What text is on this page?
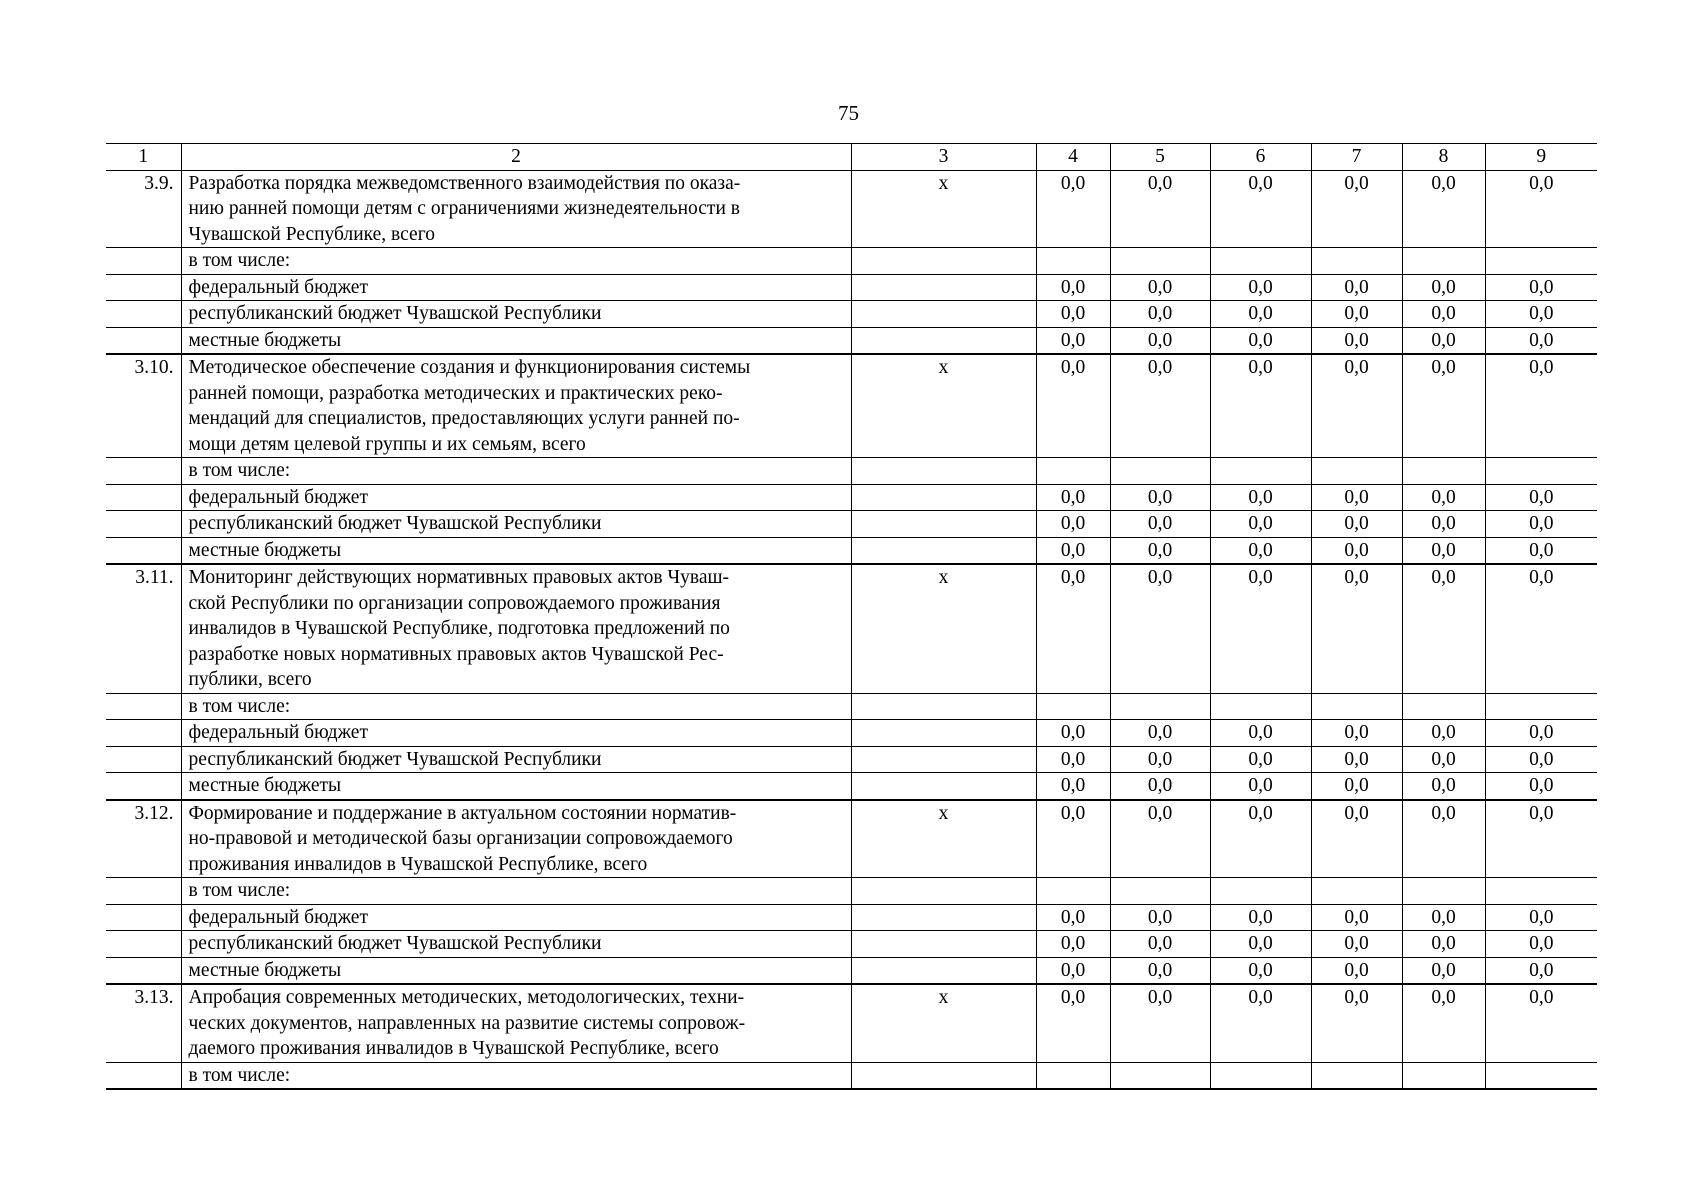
75
1	2	3	4	5	6	7	8	9
3.9.	Разработка порядка межведомственного взаимодействия по оказа-
нию ранней помощи детям с ограничениями жизнедеятельности в
Чувашской Республике, всего	х	0,0	0,0	0,0	0,0	0,0	0,0
	в том числе:							
	федеральный бюджет		0,0	0,0	0,0	0,0	0,0	0,0
	республиканский бюджет Чувашской Республики		0,0	0,0	0,0	0,0	0,0	0,0
	местные бюджеты		0,0	0,0	0,0	0,0	0,0	0,0
3.10.	Методическое обеспечение создания и функционирования системы
ранней помощи, разработка методических и практических реко-
мендаций для специалистов, предоставляющих услуги ранней по-
мощи детям целевой группы и их семьям, всего	х	0,0	0,0	0,0	0,0	0,0	0,0
	в том числе:							
	федеральный бюджет		0,0	0,0	0,0	0,0	0,0	0,0
	республиканский бюджет Чувашской Республики		0,0	0,0	0,0	0,0	0,0	0,0
	местные бюджеты		0,0	0,0	0,0	0,0	0,0	0,0
3.11.	Мониторинг действующих нормативных правовых актов Чуваш-
ской Республики по организации сопровождаемого проживания
инвалидов в Чувашской Республике, подготовка предложений по
разработке новых нормативных правовых актов Чувашской Рес-
публики, всего	х	0,0	0,0	0,0	0,0	0,0	0,0
	в том числе:							
	федеральный бюджет		0,0	0,0	0,0	0,0	0,0	0,0
	республиканский бюджет Чувашской Республики		0,0	0,0	0,0	0,0	0,0	0,0
	местные бюджеты		0,0	0,0	0,0	0,0	0,0	0,0
3.12.	Формирование и поддержание в актуальном состоянии норматив-
но-правовой и методической базы организации сопровождаемого
проживания инвалидов в Чувашской Республике, всего	х	0,0	0,0	0,0	0,0	0,0	0,0
	в том числе:							
	федеральный бюджет		0,0	0,0	0,0	0,0	0,0	0,0
	республиканский бюджет Чувашской Республики		0,0	0,0	0,0	0,0	0,0	0,0
	местные бюджеты		0,0	0,0	0,0	0,0	0,0	0,0
3.13.	Апробация современных методических, методологических, техни-
ческих документов, направленных на развитие системы сопровож-
даемого проживания инвалидов в Чувашской Республике, всего	х	0,0	0,0	0,0	0,0	0,0	0,0
	в том числе:							
